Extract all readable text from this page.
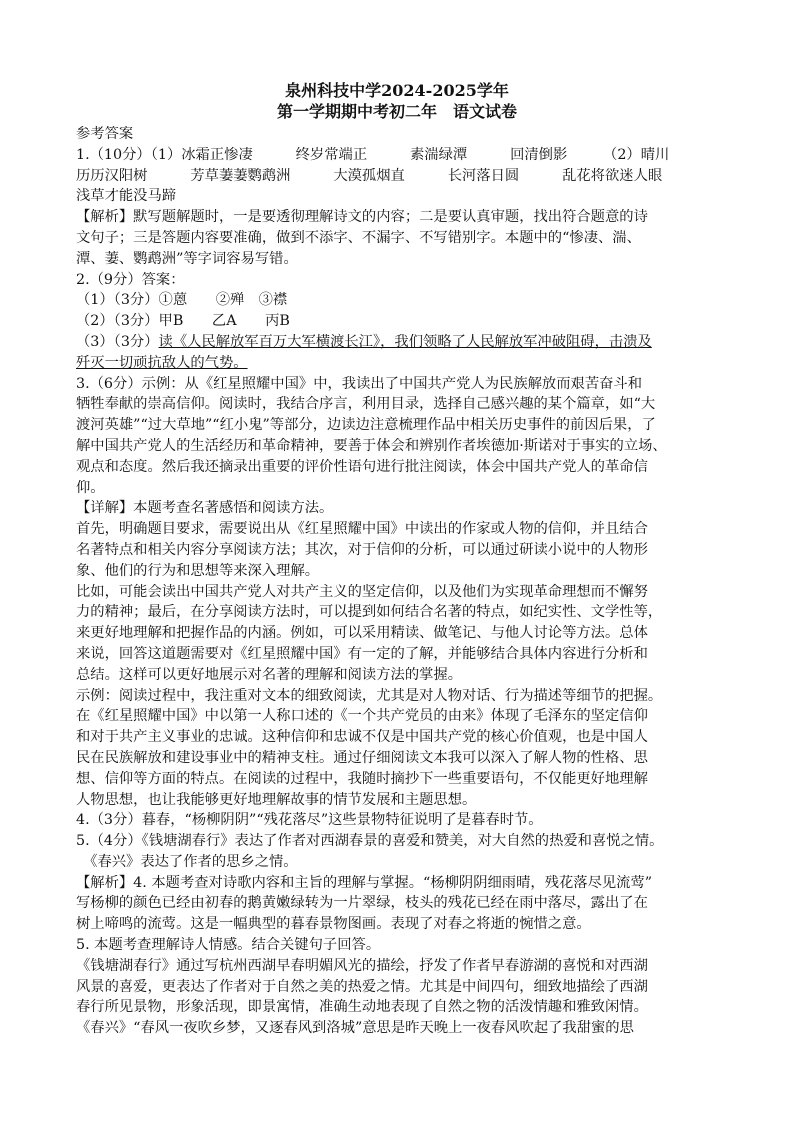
泉州科技中学2024-2025学年
第一学期期中考初二年　语文试卷
参考答案
1.（10分）（1）冰霜正惨凄　　　终岁常端正　　　素湍绿潭　　　回清倒影　　　（2）晴川
历历汉阳树　　　芳草萋萋鹦鹉洲　　　大漠孤烟直　　　长河落日圆　　　乱花将欲迷人眼
浅草才能没马蹄
【解析】默写题解题时，一是要透彻理解诗文的内容；二是要认真审题，找出符合题意的诗
文句子；三是答题内容要准确，做到不添字、不漏字、不写错别字。本题中的“惨凄、湍、
潭、萋、鹦鹉洲”等字词容易写错。
2.（9分）答案：
（1）（3分）①蒽　　②殚　③襟
（2）（3分）甲B　　乙A　　丙B
（3）（3分）读《人民解放军百万大军横渡长江》，我们领略了人民解放军冲破阻碍，击溃及
歼灭一切顽抗敌人的气势。
3.（6分）示例：从《红星照耀中国》中，我读出了中国共产党人为民族解放而艰苦奋斗和
牺牲奉献的崇高信仰。阅读时，我结合序言，利用目录，选择自己感兴趣的某个篇章，如“大
渡河英雄”“过大草地”“红小鬼”等部分，边读边注意梳理作品中相关历史事件的前因后果，了
解中国共产党人的生活经历和革命精神，要善于体会和辨别作者埃德加·斯诺对于事实的立场、
观点和态度。然后我还摘录出重要的评价性语句进行批注阅读，体会中国共产党人的革命信
仰。
【详解】本题考查名著感悟和阅读方法。
首先，明确题目要求，需要说出从《红星照耀中国》中读出的作家或人物的信仰，并且结合
名著特点和相关内容分享阅读方法；其次，对于信仰的分析，可以通过研读小说中的人物形
象、他们的行为和思想等来深入理解。
比如，可能会读出中国共产党人对共产主义的坚定信仰，以及他们为实现革命理想而不懈努
力的精神；最后，在分享阅读方法时，可以提到如何结合名著的特点，如纪实性、文学性等，
来更好地理解和把握作品的内涵。例如，可以采用精读、做笔记、与他人讨论等方法。总体
来说，回答这道题需要对《红星照耀中国》有一定的了解，并能够结合具体内容进行分析和
总结。这样可以更好地展示对名著的理解和阅读方法的掌握。
示例：阅读过程中，我注重对文本的细致阅读，尤其是对人物对话、行为描述等细节的把握。
在《红星照耀中国》中以第一人称口述的《一个共产党员的由来》体现了毛泽东的坚定信仰
和对于共产主义事业的忠诚。这种信仰和忠诚不仅是中国共产党的核心价值观，也是中国人
民在民族解放和建设事业中的精神支柱。通过仔细阅读文本我可以深入了解人物的性格、思
想、信仰等方面的特点。在阅读的过程中，我随时摘抄下一些重要语句，不仅能更好地理解
人物思想，也让我能够更好地理解故事的情节发展和主题思想。
4.（3分）暮春，“杨柳阴阴”“残花落尽”这些景物特征说明了是暮春时节。
5.（4分）《钱塘湖春行》表达了作者对西湖春景的喜爱和赞美，对大自然的热爱和喜悦之情。
　《春兴》表达了作者的思乡之情。
【解析】4. 本题考查对诗歌内容和主旨的理解与掌握。“杨柳阴阴细雨晴，残花落尽见流莺”
写杨柳的颜色已经由初春的鹅黄嫩绿转为一片翠绿，枝头的残花已经在雨中落尽，露出了在
树上啼鸣的流莺。这是一幅典型的暮春景物图画。表现了对春之将逝的惋惜之意。
5. 本题考查理解诗人情感。结合关键句子回答。
《钱塘湖春行》通过写杭州西湖早春明媚风光的描绘，抒发了作者早春游湖的喜悦和对西湖
风景的喜爱，更表达了作者对于自然之美的热爱之情。尤其是中间四句，细致地描绘了西湖
春行所见景物，形象活现，即景寓情，准确生动地表现了自然之物的活泼情趣和雅致闲情。
《春兴》“春风一夜吹乡梦，又逐春风到洛城”意思是昨天晚上一夜春风吹起了我甜蜜的思
